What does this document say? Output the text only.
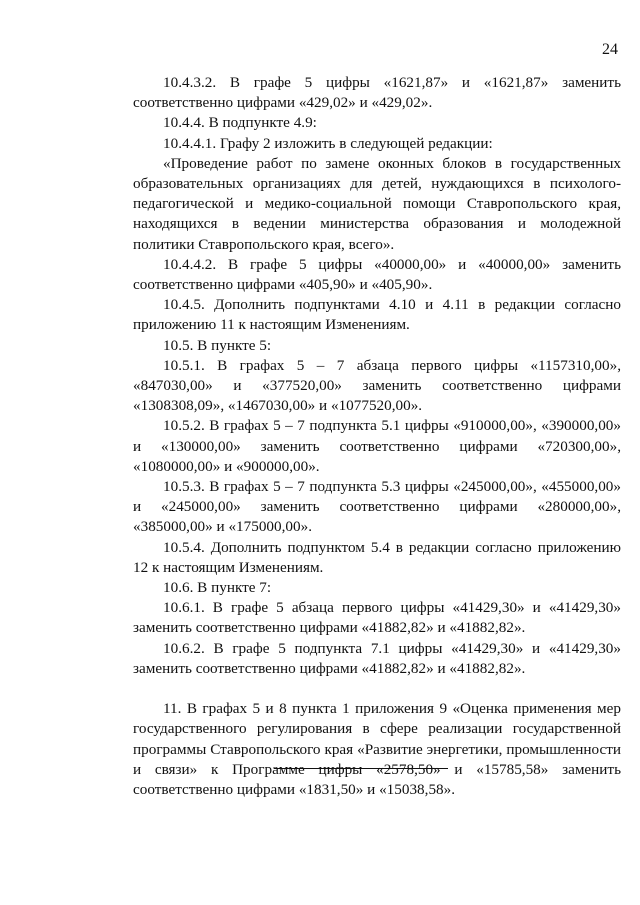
24

10.4.3.2. В графе 5 цифры «1621,87» и «1621,87» заменить соответственно цифрами «429,02» и «429,02».

10.4.4. В подпункте 4.9:

10.4.4.1. Графу 2 изложить в следующей редакции:

«Проведение работ по замене оконных блоков в государственных образовательных организациях для детей, нуждающихся в психолого-педагогической и медико-социальной помощи Ставропольского края, находящихся в ведении министерства образования и молодежной политики Ставропольского края, всего».

10.4.4.2. В графе 5 цифры «40000,00» и «40000,00» заменить соответственно цифрами «405,90» и «405,90».

10.4.5. Дополнить подпунктами 4.10 и 4.11 в редакции согласно приложению 11 к настоящим Изменениям.

10.5. В пункте 5:

10.5.1. В графах 5 – 7 абзаца первого цифры «1157310,00», «847030,00» и «377520,00» заменить соответственно цифрами «1308308,09», «1467030,00» и «1077520,00».

10.5.2. В графах 5 – 7 подпункта 5.1 цифры «910000,00», «390000,00» и «130000,00» заменить соответственно цифрами «720300,00», «1080000,00» и «900000,00».

10.5.3. В графах 5 – 7 подпункта 5.3 цифры «245000,00», «455000,00» и «245000,00» заменить соответственно цифрами «280000,00», «385000,00» и «175000,00».

10.5.4. Дополнить подпунктом 5.4 в редакции согласно приложению 12 к настоящим Изменениям.

10.6. В пункте 7:

10.6.1. В графе 5 абзаца первого цифры «41429,30» и «41429,30» заменить соответственно цифрами «41882,82» и «41882,82».

10.6.2. В графе 5 подпункта 7.1 цифры «41429,30» и «41429,30» заменить соответственно цифрами «41882,82» и «41882,82».

11. В графах 5 и 8 пункта 1 приложения 9 «Оценка применения мер государственного регулирования в сфере реализации государственной программы Ставропольского края «Развитие энергетики, промышленности и связи» к Программе цифры «2578,50» и «15785,58» заменить соответственно цифрами «1831,50» и «15038,58».
